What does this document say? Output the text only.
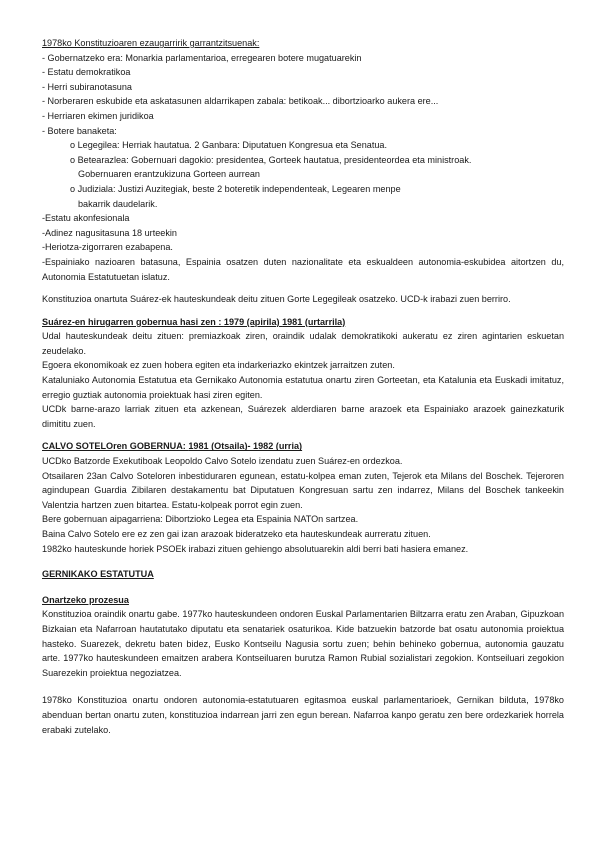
1978ko Konstituzioaren ezaugarririk garrantzitsuenak:
- Gobernatzeko era: Monarkia parlamentarioa, erregearen botere mugatuarekin
- Estatu demokratikoa
- Herri subiranotasuna
- Norberaren eskubide eta askatasunen aldarrikapen zabala: betikoak... dibortzioarko aukera ere...
- Herriaren ekimen juridikoa
- Botere banaketa:
o Legegilea: Herriak hautatua. 2 Ganbara: Diputatuen Kongresua eta Senatua.
o Betearazlea: Gobernuari dagokio: presidentea, Gorteek hautatua, presidenteordea eta ministroak.
Gobernuaren erantzukizuna Gorteen aurrean
o Judiziala: Justizi Auzitegiak, beste 2 boteretik independenteak, Legearen menpe
bakarrik daudelarik.
-Estatu akonfesionala
-Adinez nagusitasuna 18 urteekin
-Heriotza-zigorraren ezabapena.

-Espainiako nazioaren batasuna, Espainia osatzen duten nazionalitate eta eskualdeen autonomia-eskubidea aitortzen du, Autonomia Estatutuetan islatuz.

Konstituzioa onartuta Suárez-ek hauteskundeak deitu zituen Gorte Legegileak osatzeko. UCD-k irabazi zuen berriro.

Suárez-en hirugarren gobernua hasi zen : 1979 (apirila) 1981 (urtarrila)

Udal hauteskundeak deitu zituen: premiazkoak ziren, oraindik udalak demokratikoki aukeratu ez ziren agintarien eskuetan zeudelako.

Egoera ekonomikoak ez zuen hobera egiten eta indarkeriazko ekintzek jarraitzen zuten.

Kataluniako Autonomia Estatutua eta Gernikako Autonomia estatutua onartu ziren Gorteetan, eta Katalunia eta Euskadi imitatuz, erregio guztiak autonomia proiektuak hasi ziren egiten.

UCDk barne-arazo larriak zituen eta azkenean, Suárezek alderdiaren barne arazoek eta Espainiako arazoek gainezkaturik dimititu zuen.

CALVO SOTELOren GOBERNUA: 1981 (Otsaila)- 1982 (urria)

UCDko Batzorde Exekutiboak Leopoldo Calvo Sotelo izendatu zuen Suárez-en ordezkoa.

Otsailaren 23an Calvo Soteloren inbestiduraren egunean, estatu-kolpea eman zuten, Tejerok eta Milans del Boschek. Tejeroren agindupean Guardia Zibilaren destakamentu bat Diputatuen Kongresuan sartu zen indarrez, Milans del Boschek tankeekin Valentzia hartzen zuen bitartea. Estatu-kolpeak porrot egin zuen.

Bere gobernuan aipagarriena: Dibortzioko Legea eta Espainia NATOn sartzea.

Baina Calvo Sotelo ere ez zen gai izan arazoak bideratzeko eta hauteskundeak aurreratu zituen.

1982ko hauteskunde horiek PSOEk irabazi zituen gehiengo absolutuarekin aldi berri bati hasiera emanez.

GERNIKAKO ESTATUTUA
Onartzeko prozesua

Konstituzioa oraindik onartu gabe. 1977ko hauteskundeen ondoren Euskal Parlamentarien Biltzarra eratu zen Araban, Gipuzkoan Bizkaian eta Nafarroan hautatutako diputatu eta senatariek osaturikoa. Kide batzuekin batzorde bat osatu autonomia proiektua hasteko. Suarezek, dekretu baten bidez, Eusko Kontseilu Nagusia sortu zuen; behin behineko gobernua, autonomia gauzatu arte. 1977ko hauteskundeen emaitzen arabera Kontseiluaren burutza Ramon Rubial sozialistari zegokion. Kontseiluari zegokion Suarezekin proiektua negoziatzea.

1978ko Konstituzioa onartu ondoren autonomia-estatutuaren egitasmoa euskal parlamentarioek, Gernikan bilduta, 1978ko abenduan bertan onartu zuten, konstituzioa indarrean jarri zen egun berean. Nafarroa kanpo geratu zen bere ordezkariek horrela erabaki zutelako.
